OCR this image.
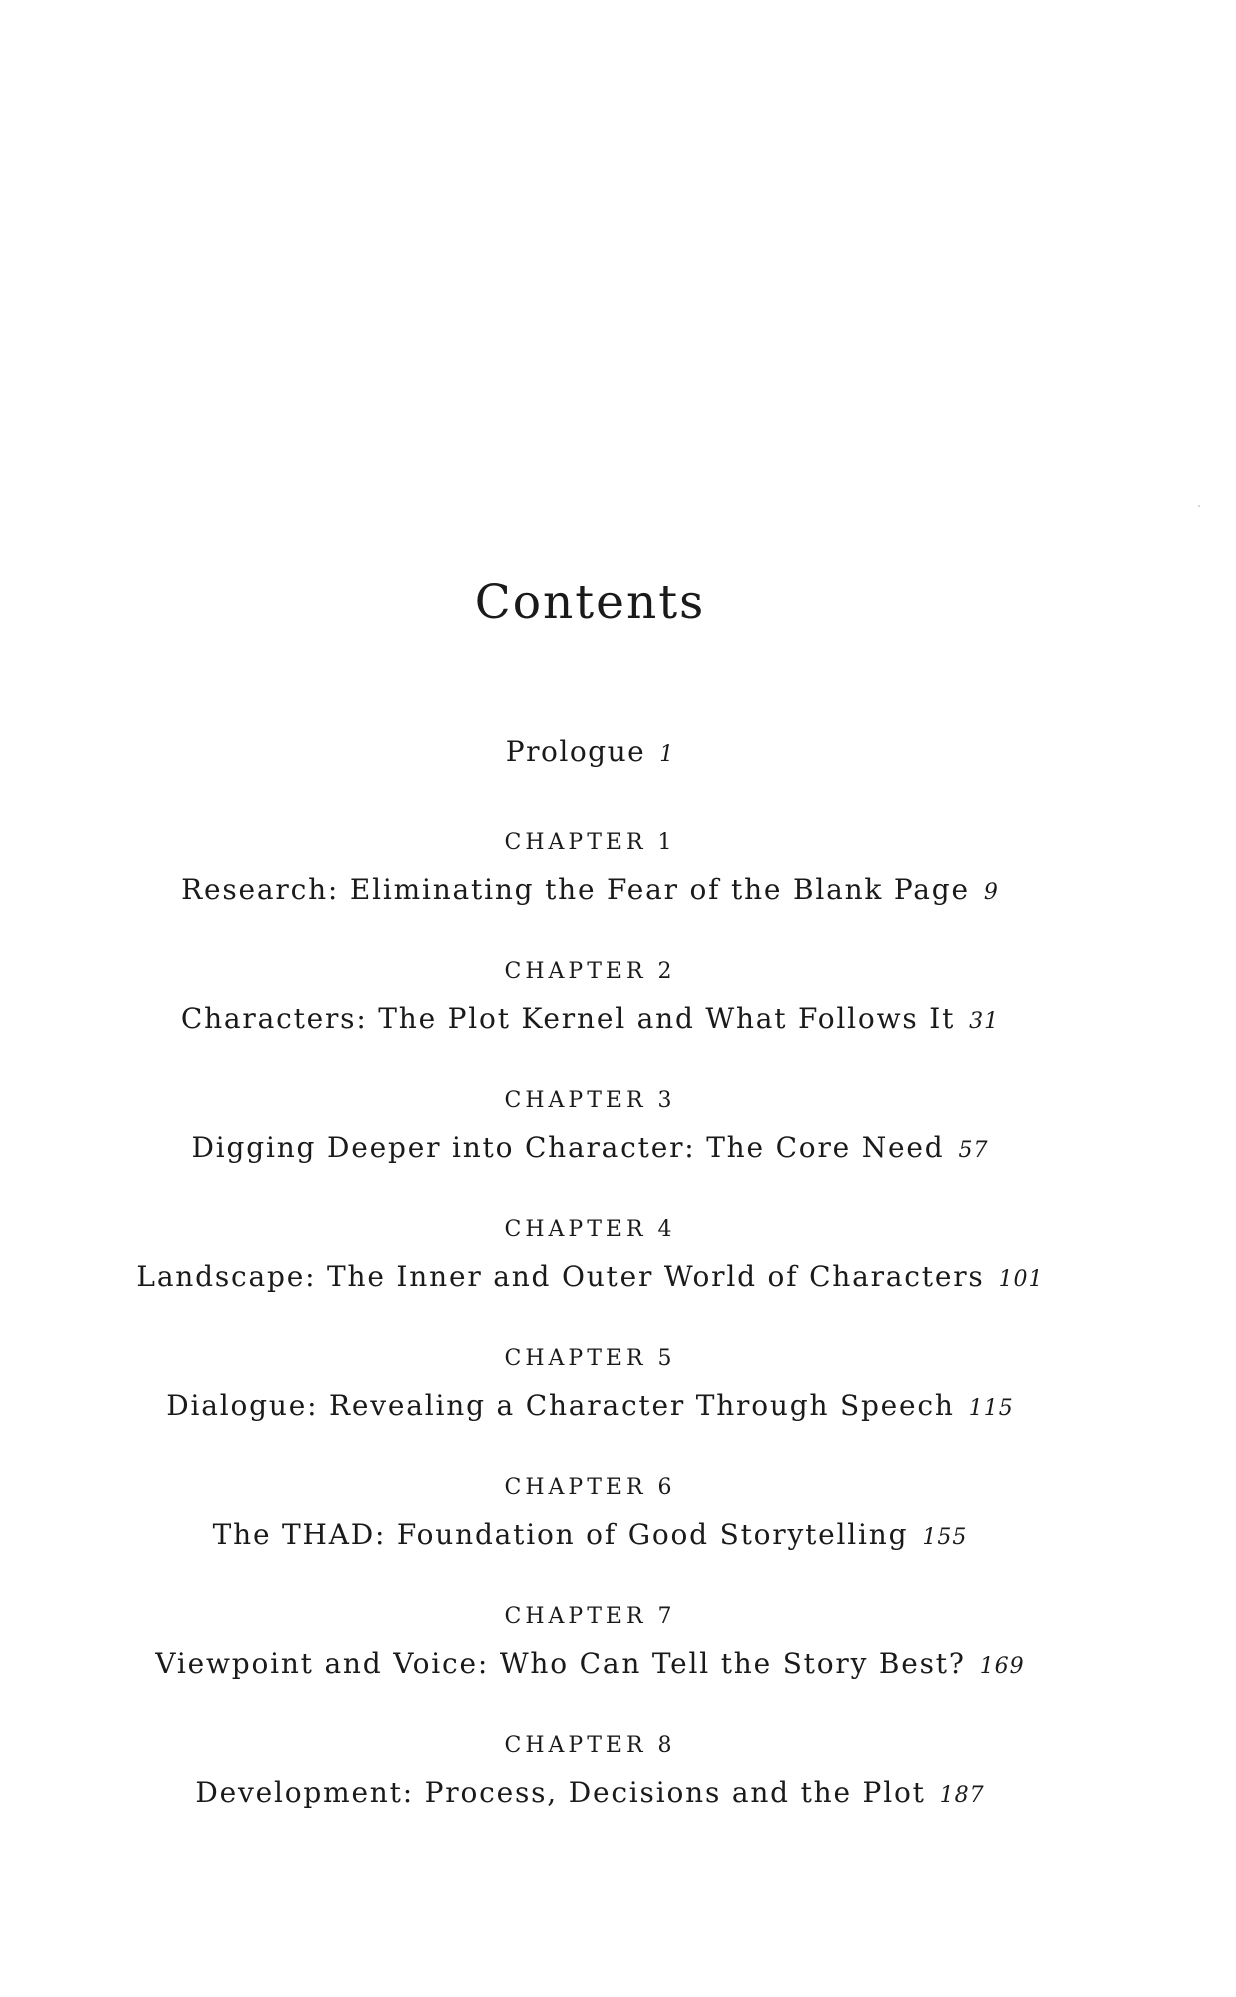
Contents

Prologue 1

CHAPTER 1

Research: Eliminating the Fear of the Blank Page 9

CHAPTER 2

Characters: The Plot Kernel and What Follows It 31

CHAPTER 3

Digging Deeper into Character: The Core Need 57

CHAPTER 4

Landscape: The Inner and Outer World of Characters 101

CHAPTER 5

Dialogue: Revealing a Character Through Speech 115

CHAPTER 6

The THAD: Foundation of Good Storytelling 155

CHAPTER 7

Viewpoint and Voice: Who Can Tell the Story Best? 169

CHAPTER 8

Development: Process, Decisions and the Plot 187
